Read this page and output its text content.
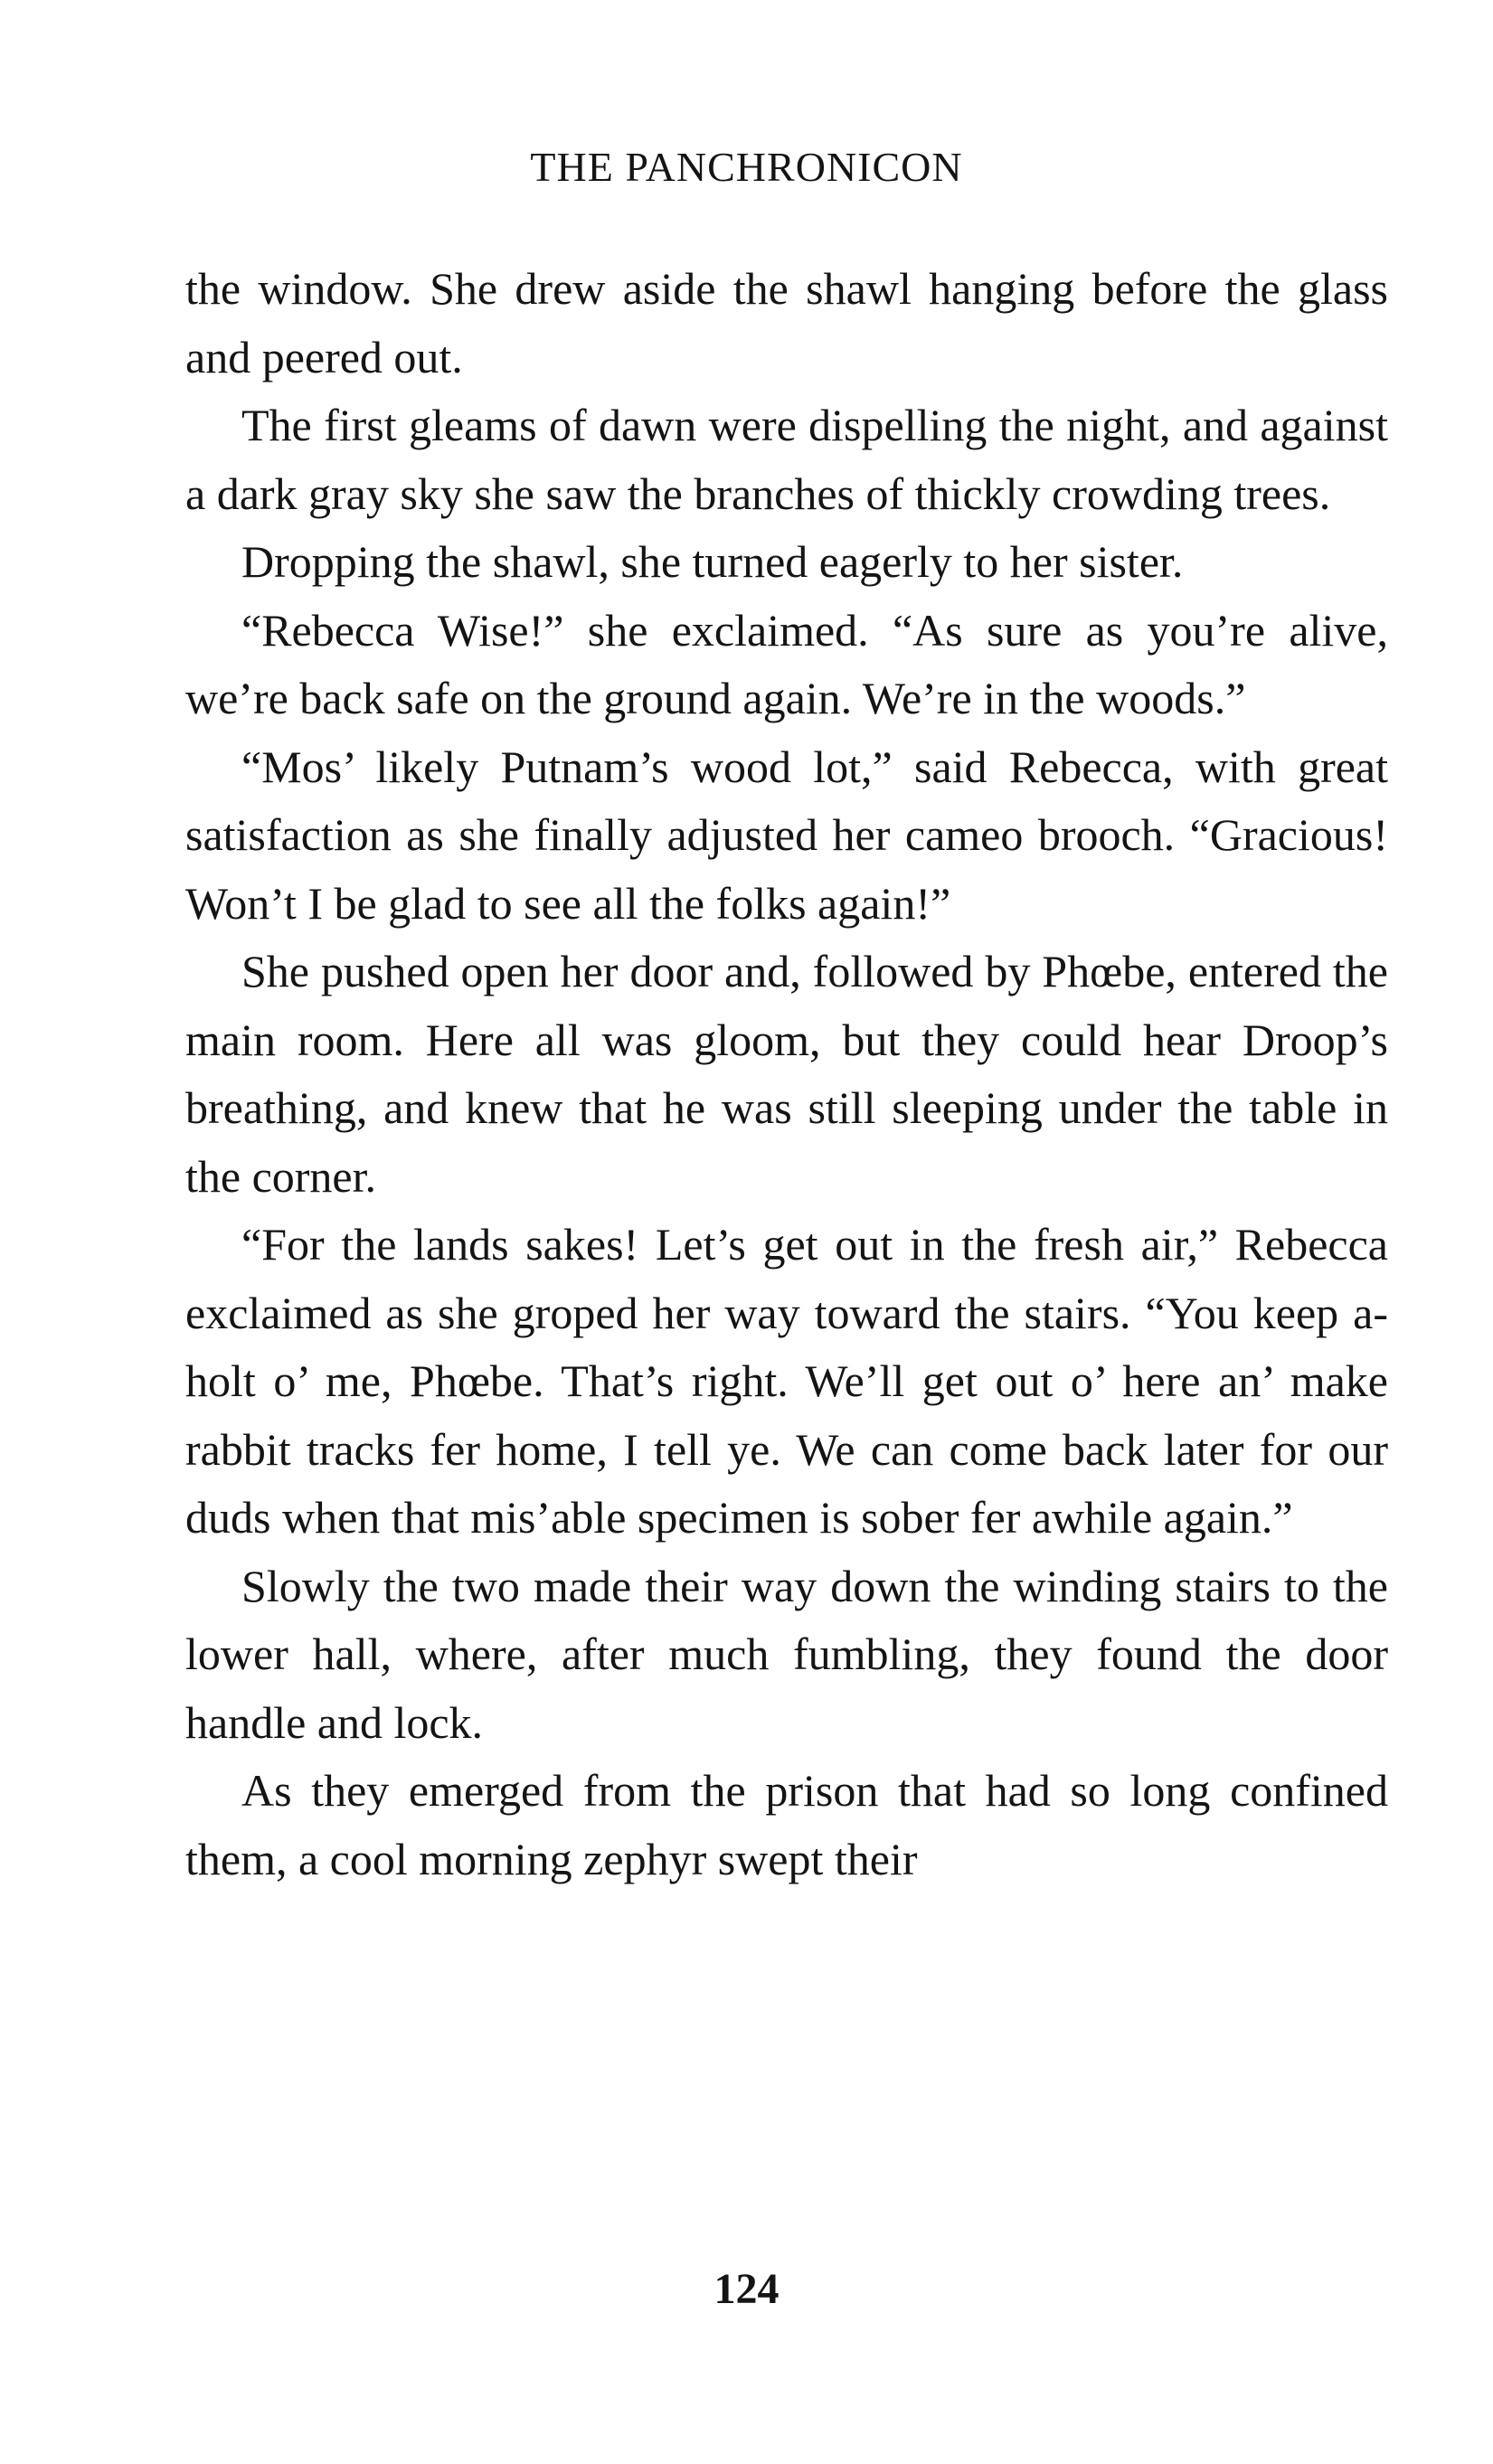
THE PANCHRONICON

the window. She drew aside the shawl hanging before the glass and peered out.

The first gleams of dawn were dispelling the night, and against a dark gray sky she saw the branches of thickly crowding trees.

Dropping the shawl, she turned eagerly to her sister.

“Rebecca Wise!” she exclaimed. “As sure as you’re alive, we’re back safe on the ground again. We’re in the woods.”

“Mos’ likely Putnam’s wood lot,” said Rebecca, with great satisfaction as she finally adjusted her cameo brooch. “Gracious! Won’t I be glad to see all the folks again!”

She pushed open her door and, followed by Phœbe, entered the main room. Here all was gloom, but they could hear Droop’s breathing, and knew that he was still sleeping under the table in the corner.

“For the lands sakes! Let’s get out in the fresh air,” Rebecca exclaimed as she groped her way toward the stairs. “You keep a-holt o’ me, Phœbe. That’s right. We’ll get out o’ here an’ make rabbit tracks fer home, I tell ye. We can come back later for our duds when that mis’able specimen is sober fer awhile again.”

Slowly the two made their way down the winding stairs to the lower hall, where, after much fumbling, they found the door handle and lock.

As they emerged from the prison that had so long confined them, a cool morning zephyr swept their

124
